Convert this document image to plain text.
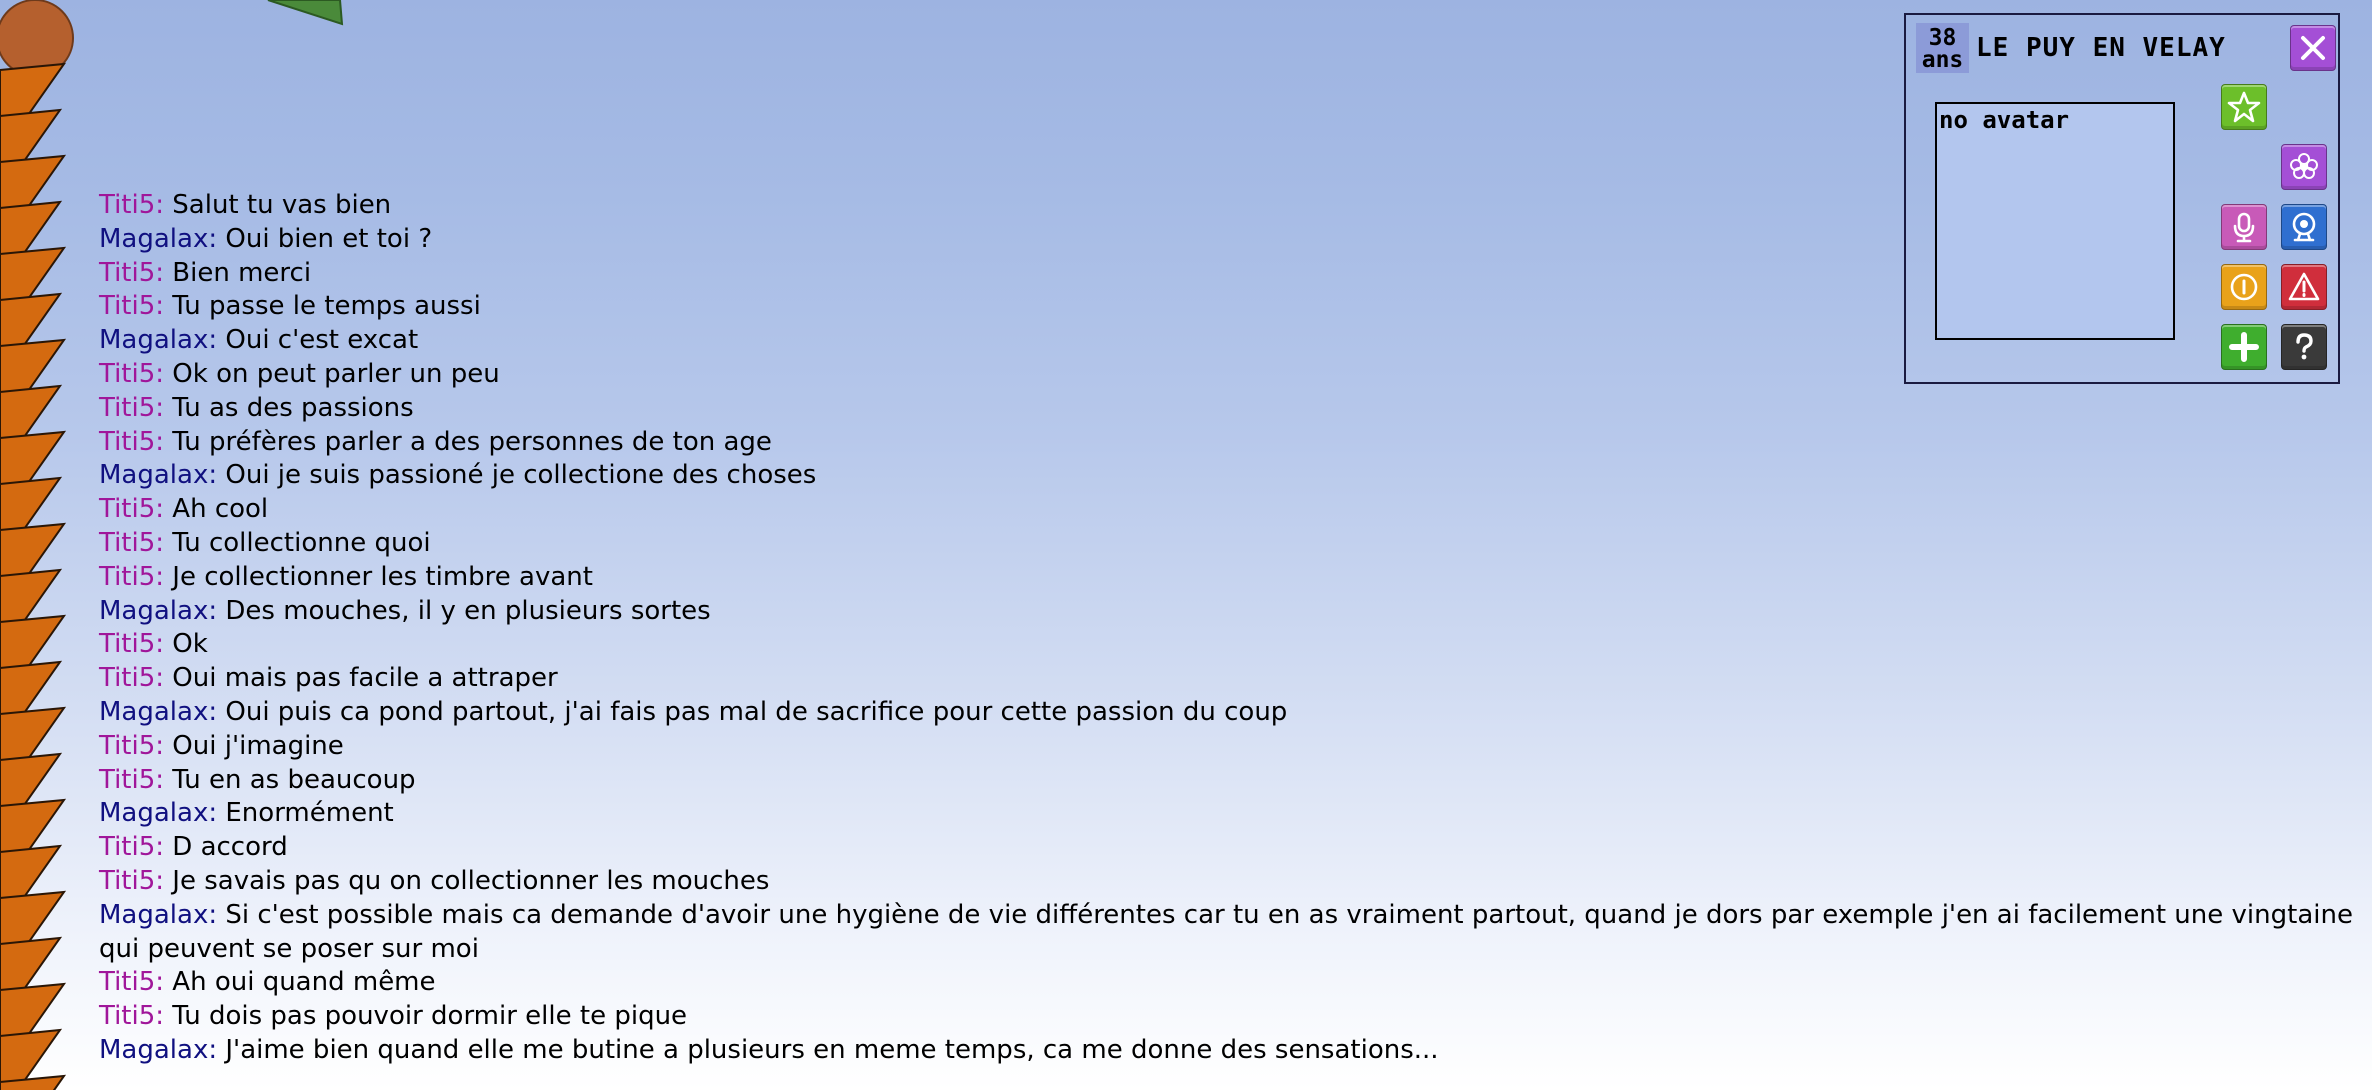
Titi5: Salut tu vas bien
Magalax: Oui bien et toi ?
Titi5: Bien merci
Titi5: Tu passe le temps aussi
Magalax: Oui c'est excat
Titi5: Ok on peut parler un peu
Titi5: Tu as des passions
Titi5: Tu préfères parler a des personnes de ton age
Magalax: Oui je suis passioné je collectione des choses
Titi5: Ah cool
Titi5: Tu collectionne quoi
Titi5: Je collectionner les timbre avant
Magalax: Des mouches, il y en plusieurs sortes
Titi5: Ok
Titi5: Oui mais pas facile a attraper
Magalax: Oui puis ca pond partout, j'ai fais pas mal de sacrifice pour cette passion du coup
Titi5: Oui j'imagine
Titi5: Tu en as beaucoup
Magalax: Enormément
Titi5: D accord
Titi5: Je savais pas qu on collectionner les mouches
Magalax: Si c'est possible mais ca demande d'avoir une hygiène de vie différentes car tu en as vraiment partout, quand je dors par exemple j'en ai facilement une vingtaine qui peuvent se poser sur moi
Titi5: Ah oui quand même
Titi5: Tu dois pas pouvoir dormir elle te pique
Magalax: J'aime bien quand elle me butine a plusieurs en meme temps, ca me donne des sensations...
38
ans LE PUY EN VELAY
no avatar
